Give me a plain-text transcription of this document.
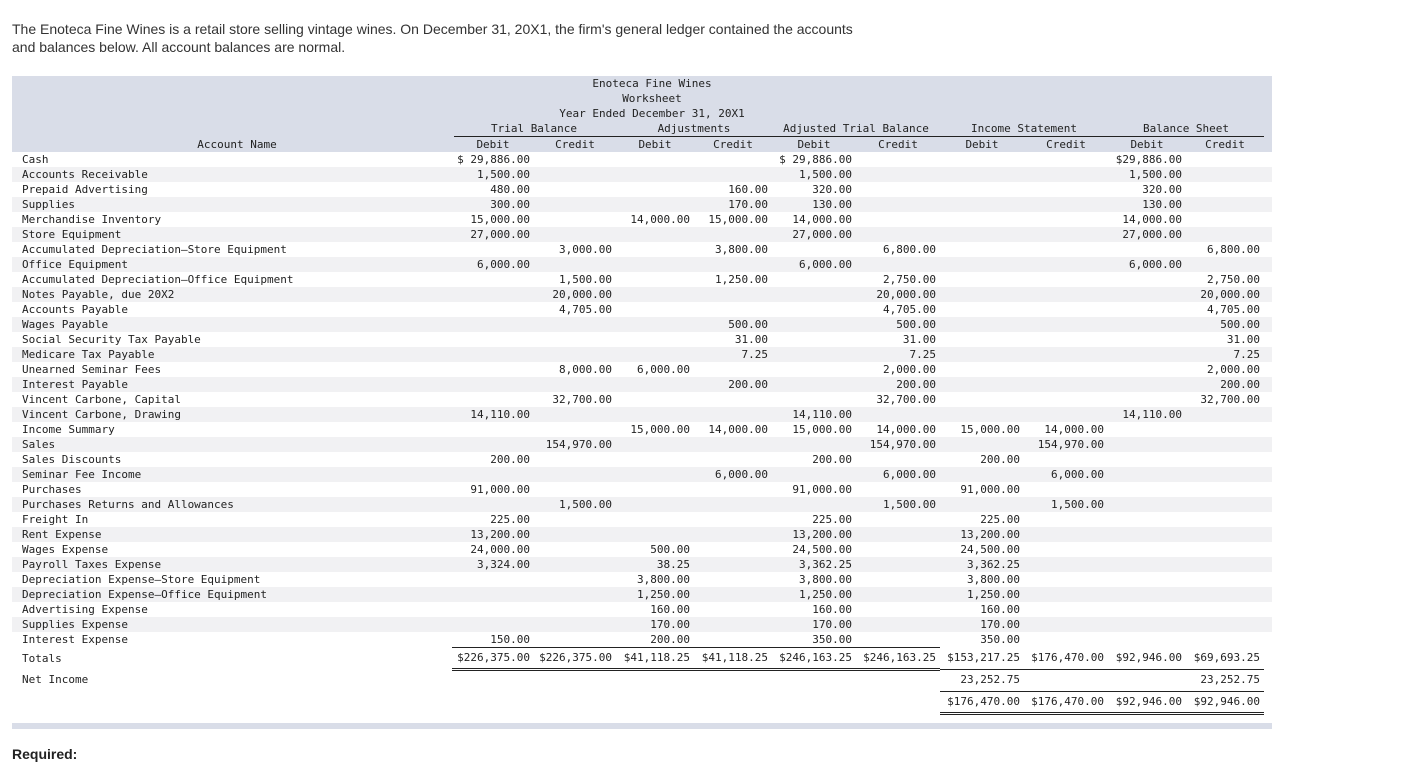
The Enoteca Fine Wines is a retail store selling vintage wines. On December 31, 20X1, the firm's general ledger contained the accounts

and balances below. All account balances are normal.

Enoteca Fine Wines
Worksheet
Year Ended December 31, 20X1
Trial Balance	Adjustments	Adjusted Trial Balance	Income Statement	Balance Sheet
Account Name	Debit	Credit	Debit	Credit	Debit	Credit	Debit	Credit	Debit	Credit
Cash	$ 29,886.00				$ 29,886.00				$29,886.00		
Accounts Receivable	1,500.00				1,500.00				1,500.00		
Prepaid Advertising	480.00			160.00	320.00				320.00		
Supplies	300.00			170.00	130.00				130.00		
Merchandise Inventory	15,000.00		14,000.00	15,000.00	14,000.00				14,000.00		
Store Equipment	27,000.00				27,000.00				27,000.00		
Accumulated Depreciation—Store Equipment		3,000.00		3,800.00		6,800.00				6,800.00	
Office Equipment	6,000.00				6,000.00				6,000.00		
Accumulated Depreciation—Office Equipment		1,500.00		1,250.00		2,750.00				2,750.00	
Notes Payable, due 20X2		20,000.00				20,000.00				20,000.00	
Accounts Payable		4,705.00				4,705.00				4,705.00	
Wages Payable				500.00		500.00				500.00	
Social Security Tax Payable				31.00		31.00				31.00	
Medicare Tax Payable				7.25		7.25				7.25	
Unearned Seminar Fees		8,000.00	6,000.00			2,000.00				2,000.00	
Interest Payable				200.00		200.00				200.00	
Vincent Carbone, Capital		32,700.00				32,700.00				32,700.00	
Vincent Carbone, Drawing	14,110.00				14,110.00				14,110.00		
Income Summary			15,000.00	14,000.00	15,000.00	14,000.00	15,000.00	14,000.00			
Sales		154,970.00				154,970.00		154,970.00			
Sales Discounts	200.00				200.00		200.00				
Seminar Fee Income				6,000.00		6,000.00		6,000.00			
Purchases	91,000.00				91,000.00		91,000.00				
Purchases Returns and Allowances		1,500.00				1,500.00		1,500.00			
Freight In	225.00				225.00		225.00				
Rent Expense	13,200.00				13,200.00		13,200.00				
Wages Expense	24,000.00		500.00		24,500.00		24,500.00				
Payroll Taxes Expense	3,324.00		38.25		3,362.25		3,362.25				
Depreciation Expense—Store Equipment			3,800.00		3,800.00		3,800.00				
Depreciation Expense—Office Equipment			1,250.00		1,250.00		1,250.00				
Advertising Expense			160.00		160.00		160.00				
Supplies Expense			170.00		170.00		170.00				
Interest Expense	150.00		200.00		350.00		350.00				
Totals	$226,375.00	$226,375.00	$41,118.25	$41,118.25	$246,163.25	$246,163.25	$153,217.25	$176,470.00	$92,946.00	$69,693.25	
Net Income							23,252.75			23,252.75	
							$176,470.00	$176,470.00	$92,946.00	$92,946.00	
Required:
